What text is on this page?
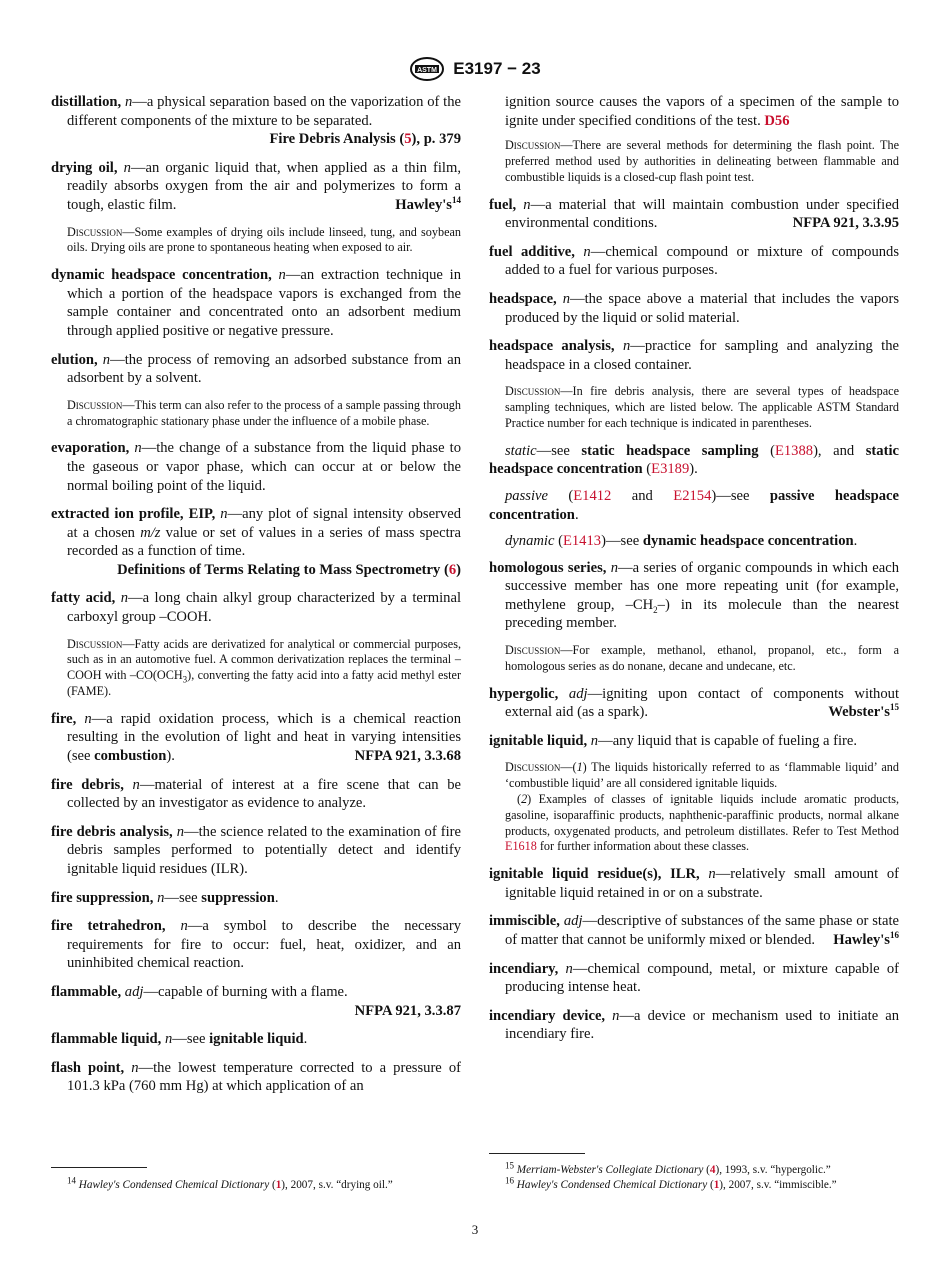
ASTM E3197 − 23

distillation, n—a physical separation based on the vaporization of the different components of the mixture to be separated.

Fire Debris Analysis (5), p. 379

drying oil, n—an organic liquid that, when applied as a thin film, readily absorbs oxygen from the air and polymerizes to form a tough, elastic film.	$Hawley's^{14}$

Discussion—Some examples of drying oils include linseed, tung, and soybean oils. Drying oils are prone to spontaneous heating when exposed to air.

dynamic headspace concentration, n—an extraction technique in which a portion of the headspace vapors is exchanged from the sample container and concentrated onto an adsorbent medium through applied positive or negative pressure.

elution, n—the process of removing an adsorbed substance from an adsorbent by a solvent.

Discussion—This term can also refer to the process of a sample passing through a chromatographic stationary phase under the influence of a mobile phase.

evaporation, n—the change of a substance from the liquid phase to the gaseous or vapor phase, which can occur at or below the normal boiling point of the liquid.

extracted ion profile, EIP, n—any plot of signal intensity observed at a chosen m/z value or set of values in a series of mass spectra recorded as a function of time.

Definitions of Terms Relating to Mass Spectrometry (6)

fatty acid, n—a long chain alkyl group characterized by a terminal carboxyl group –COOH.

Discussion—Fatty acids are derivatized for analytical or commercial purposes, such as in an automotive fuel. A common derivatization replaces the terminal –COOH with $-CO(OCH_3)$, converting the fatty acid into a fatty acid methyl ester (FAME).

fire, n—a rapid oxidation process, which is a chemical reaction resulting in the evolution of light and heat in varying intensities (see combustion).	NFPA 921, 3.3.68

fire debris, n—material of interest at a fire scene that can be collected by an investigator as evidence to analyze.

fire debris analysis, n—the science related to the examination of fire debris samples performed to potentially detect and identify ignitable liquid residues (ILR).

fire suppression, n—see suppression.

fire tetrahedron, n—a symbol to describe the necessary requirements for fire to occur: fuel, heat, oxidizer, and an uninhibited chemical reaction.

flammable, adj—capable of burning with a flame.

NFPA 921, 3.3.87

flammable liquid, n—see ignitable liquid.

flash point, n—the lowest temperature corrected to a pressure of 101.3 kPa (760 mm Hg) at which application of an

ignition source causes the vapors of a specimen of the sample to ignite under specified conditions of the test. D56

Discussion—There are several methods for determining the flash point. The preferred method used by authorities in delineating between flammable and combustible liquids is a closed-cup flash point test.

fuel, n—a material that will maintain combustion under specified environmental conditions.	NFPA 921, 3.3.95

fuel additive, n—chemical compound or mixture of compounds added to a fuel for various purposes.

headspace, n—the space above a material that includes the vapors produced by the liquid or solid material.

headspace analysis, n—practice for sampling and analyzing the headspace in a closed container.

Discussion—In fire debris analysis, there are several types of headspace sampling techniques, which are listed below. The applicable ASTM Standard Practice number for each technique is indicated in parentheses.

static—see static headspace sampling (E1388), and static headspace concentration (E3189).

passive (E1412 and E2154)—see passive headspace concentration.

dynamic (E1413)—see dynamic headspace concentration.

homologous series, n—a series of organic compounds in which each successive member has one more repeating unit (for example, methylene group, $-CH_2-$) in its molecule than the nearest preceding member.

Discussion—For example, methanol, ethanol, propanol, etc., form a homologous series as do nonane, decane and undecane, etc.

hypergolic, adj—igniting upon contact of components without external aid (as a spark).	$Webster's^{15}$

ignitable liquid, n—any liquid that is capable of fueling a fire.

Discussion—(1) The liquids historically referred to as ‘flammable liquid’ and ‘combustible liquid’ are all considered ignitable liquids.

(2) Examples of classes of ignitable liquids include aromatic products, gasoline, isoparaffinic products, naphthenic-paraffinic products, normal alkane products, oxygenated products, and petroleum distillates. Refer to Test Method E1618 for further information about these classes.

ignitable liquid residue(s), ILR, n—relatively small amount of ignitable liquid retained in or on a substrate.

immiscible, adj—descriptive of substances of the same phase or state of matter that cannot be uniformly mixed or blended. $Hawley's^{16}$

incendiary, n—chemical compound, metal, or mixture capable of producing intense heat.

incendiary device, n—a device or mechanism used to initiate an incendiary fire.

$^{14}$ Hawley's Condensed Chemical Dictionary (1), 2007, s.v. “drying oil.”
$^{15}$ Merriam-Webster's Collegiate Dictionary (4), 1993, s.v. “hypergolic.”
$^{16}$ Hawley's Condensed Chemical Dictionary (1), 2007, s.v. “immiscible.”
3
